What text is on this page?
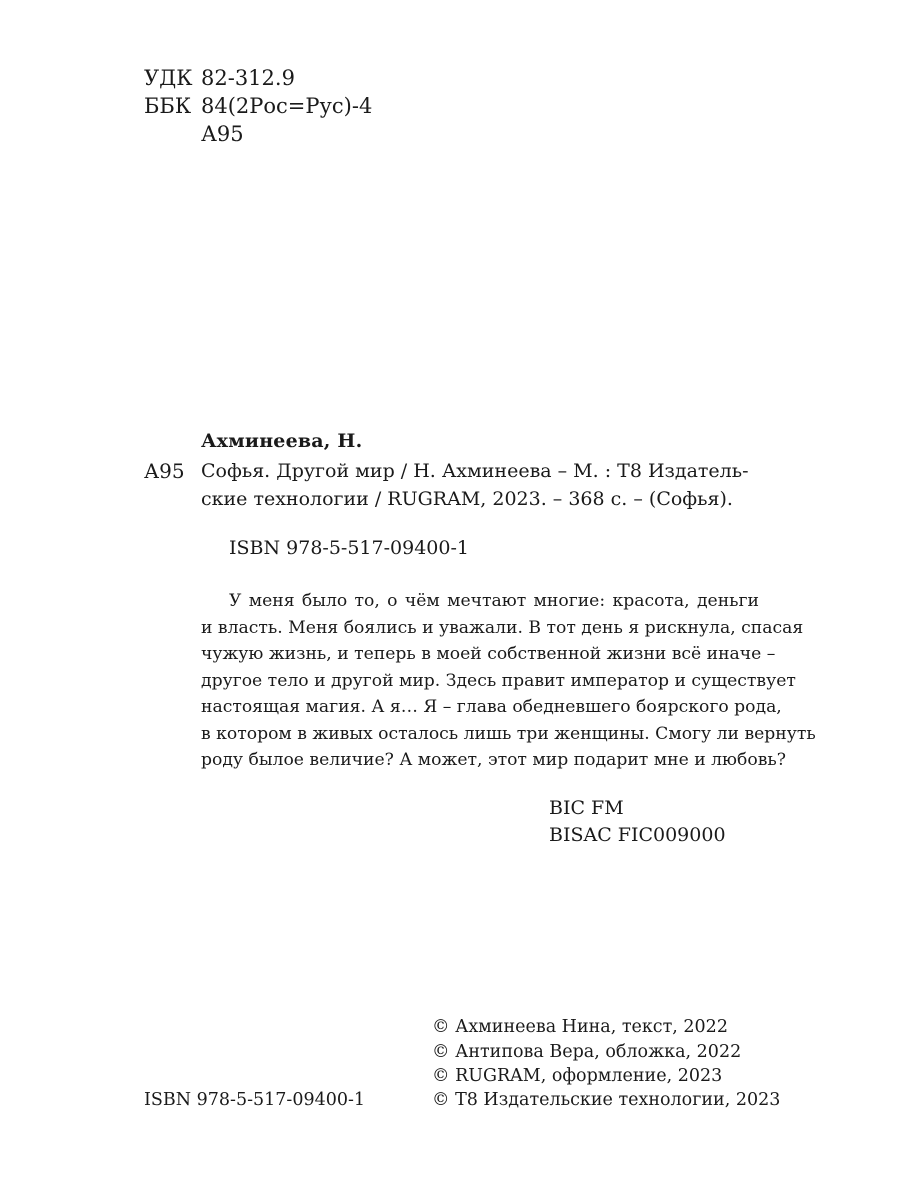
УДК 82-312.9
ББК 84(2Рос=Рус)-4
А95
Ахминеева, Н.
А95 Софья. Другой мир / Н. Ахминеева – М. : Т8 Издатель-
ские технологии / RUGRAM, 2023. – 368 с. – (Софья).
ISBN 978-5-517-09400-1
У меня было то, о чём мечтают многие: красота, деньги
и власть. Меня боялись и уважали. В тот день я рискнула, спасая
чужую жизнь, и теперь в моей собственной жизни всё иначе –
другое тело и другой мир. Здесь правит император и существует
настоящая магия. А я… Я – глава обедневшего боярского рода,
в котором в живых осталось лишь три женщины. Смогу ли вернуть
роду былое величие? А может, этот мир подарит мне и любовь?
BIC FM
BISAC FIC009000
© Ахминеева Нина, текст, 2022
© Антипова Вера, обложка, 2022
© RUGRAM, оформление, 2023
© Т8 Издательские технологии, 2023
ISBN 978-5-517-09400-1
